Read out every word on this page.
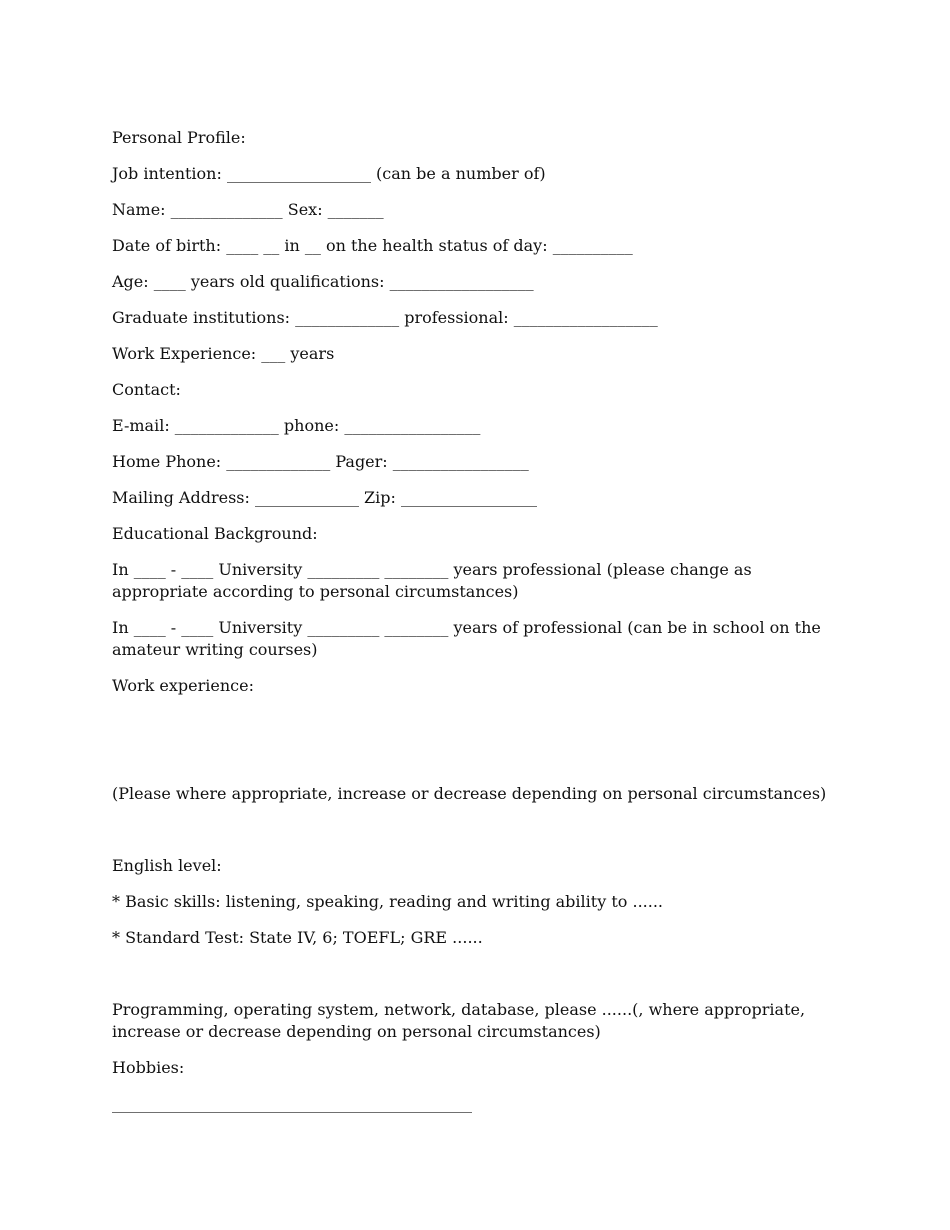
Personal Profile:
Job intention: __________________ (can be a number of)
Name: ______________ Sex: _______
Date of birth: ____ __ in __ on the health status of day: __________
Age: ____ years old qualifications: __________________
Graduate institutions: _____________ professional: __________________
Work Experience: ___ years
Contact:
E-mail: _____________ phone: _________________
Home Phone: _____________ Pager: _________________
Mailing Address: _____________ Zip: _________________
Educational Background:
In ____ - ____ University _________ ________ years professional (please change as appropriate according to personal circumstances)
In ____ - ____ University _________ ________ years of professional (can be in school on the amateur writing courses)
Work experience:
(Please where appropriate, increase or decrease depending on personal circumstances)
English level:
* Basic skills: listening, speaking, reading and writing ability to ......
* Standard Test: State IV, 6; TOEFL; GRE ......
Programming, operating system, network, database, please ......(, where appropriate, increase or decrease depending on personal circumstances)
Hobbies:
_____________________________________________
